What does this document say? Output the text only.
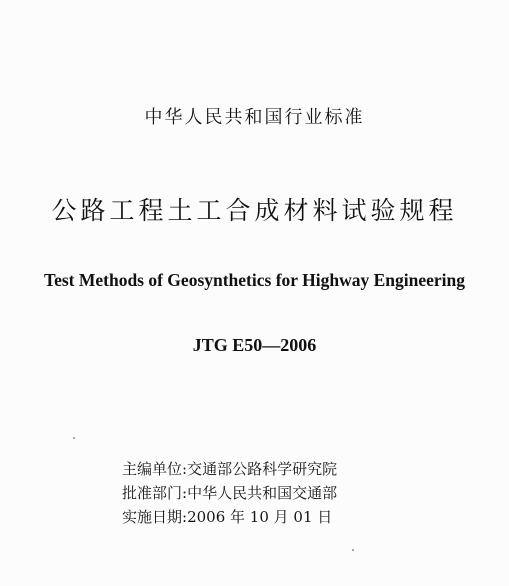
中华人民共和国行业标准
公路工程土工合成材料试验规程
Test Methods of Geosynthetics for Highway Engineering
JTG E50—2006
主编单位:交通部公路科学研究院
批准部门:中华人民共和国交通部
实施日期:2006 年 10 月 01 日
